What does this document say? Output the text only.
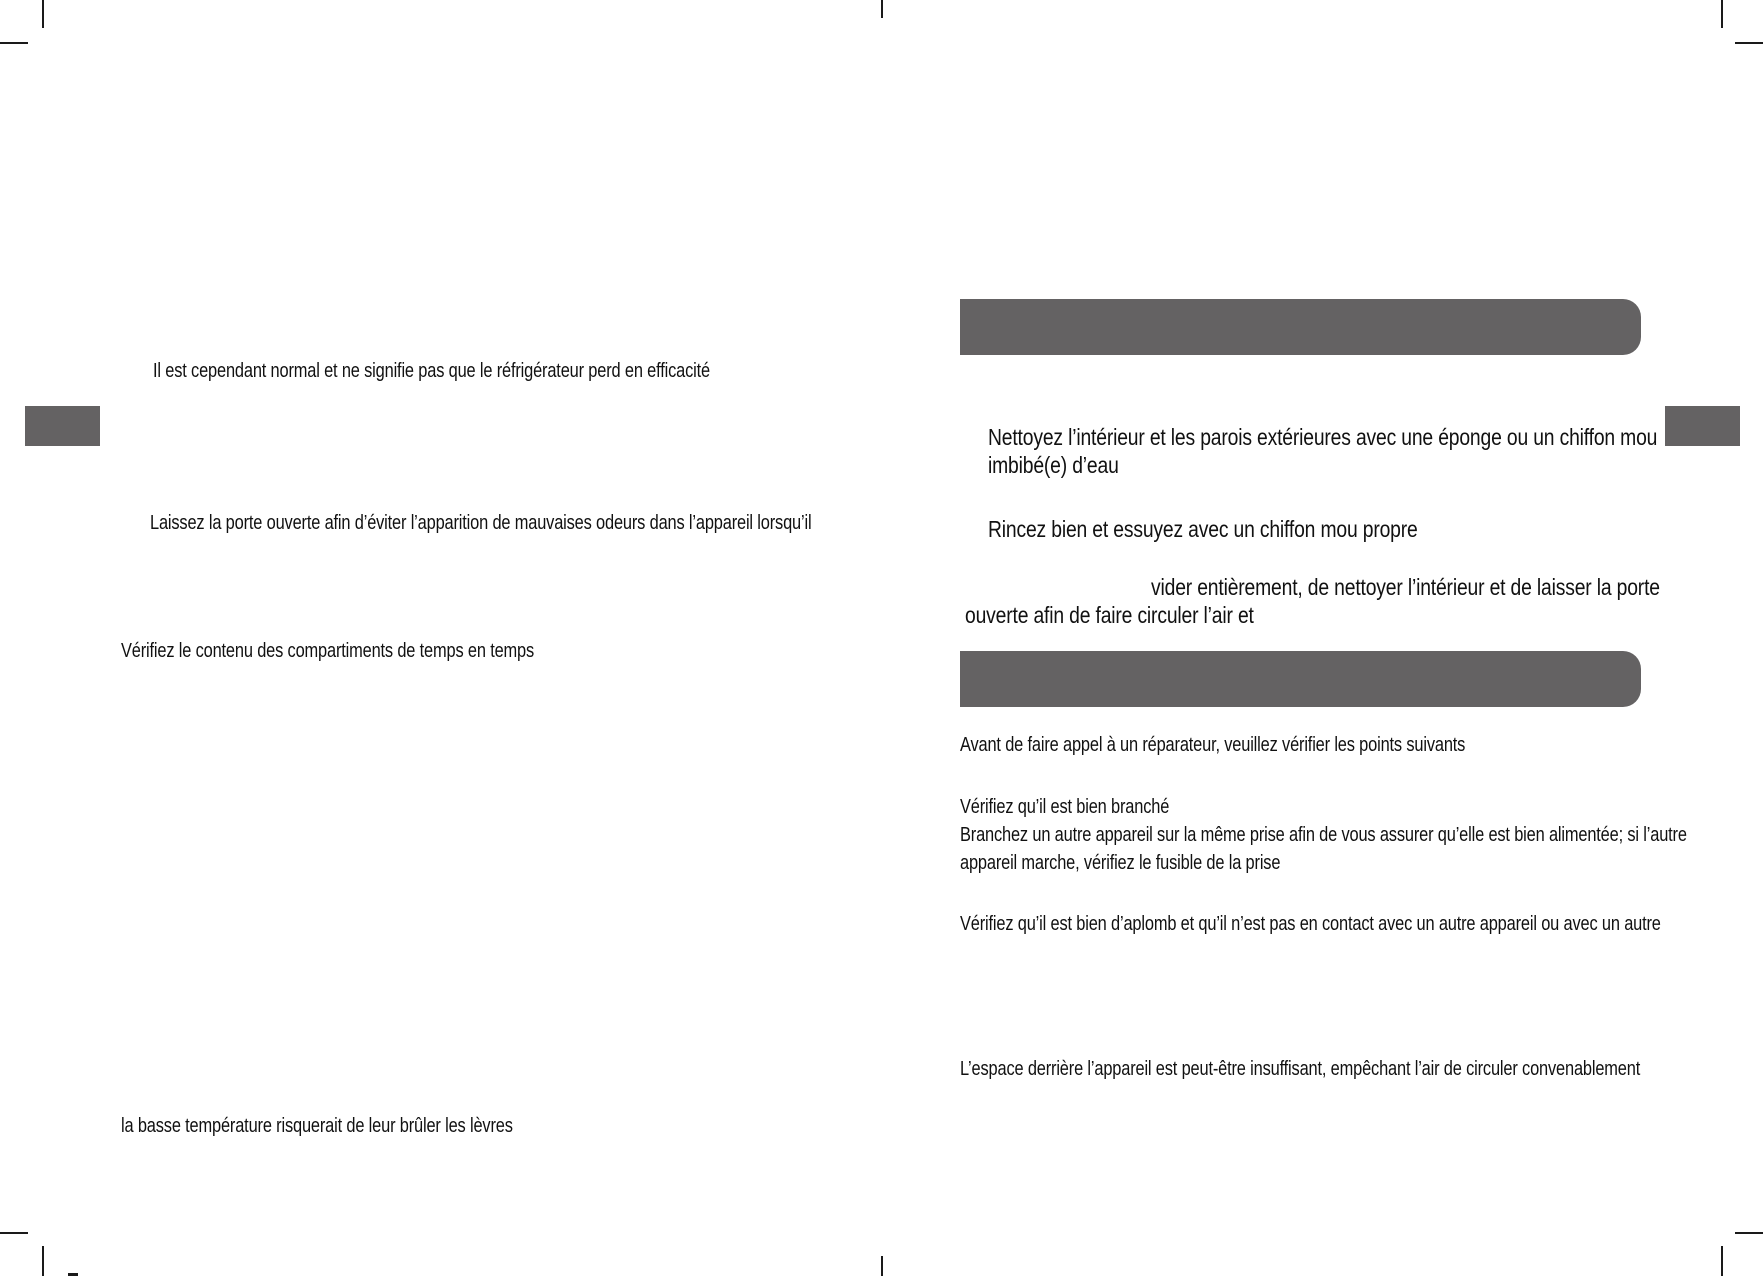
Il est cependant normal et ne signifie pas que le réfrigérateur perd en efficacité
Laissez la porte ouverte afin d’éviter l’apparition de mauvaises odeurs dans l’appareil lorsqu’il
Vérifiez le contenu des compartiments de temps en temps
la basse température risquerait de leur brûler les lèvres
Nettoyez l’intérieur et les parois extérieures avec une éponge ou un chiffon mou
imbibé(e) d’eau
Rincez bien et essuyez avec un chiffon mou propre
vider entièrement, de nettoyer l’intérieur et de laisser la porte
ouverte afin de faire circuler l’air et
Avant de faire appel à un réparateur, veuillez vérifier les points suivants
Vérifiez qu’il est bien branché
Branchez un autre appareil sur la même prise afin de vous assurer qu’elle est bien alimentée; si l’autre
appareil marche, vérifiez le fusible de la prise
Vérifiez qu’il est bien d’aplomb et qu’il n’est pas en contact avec un autre appareil ou avec un autre
L’espace derrière l’appareil est peut-être insuffisant, empêchant l’air de circuler convenablement
